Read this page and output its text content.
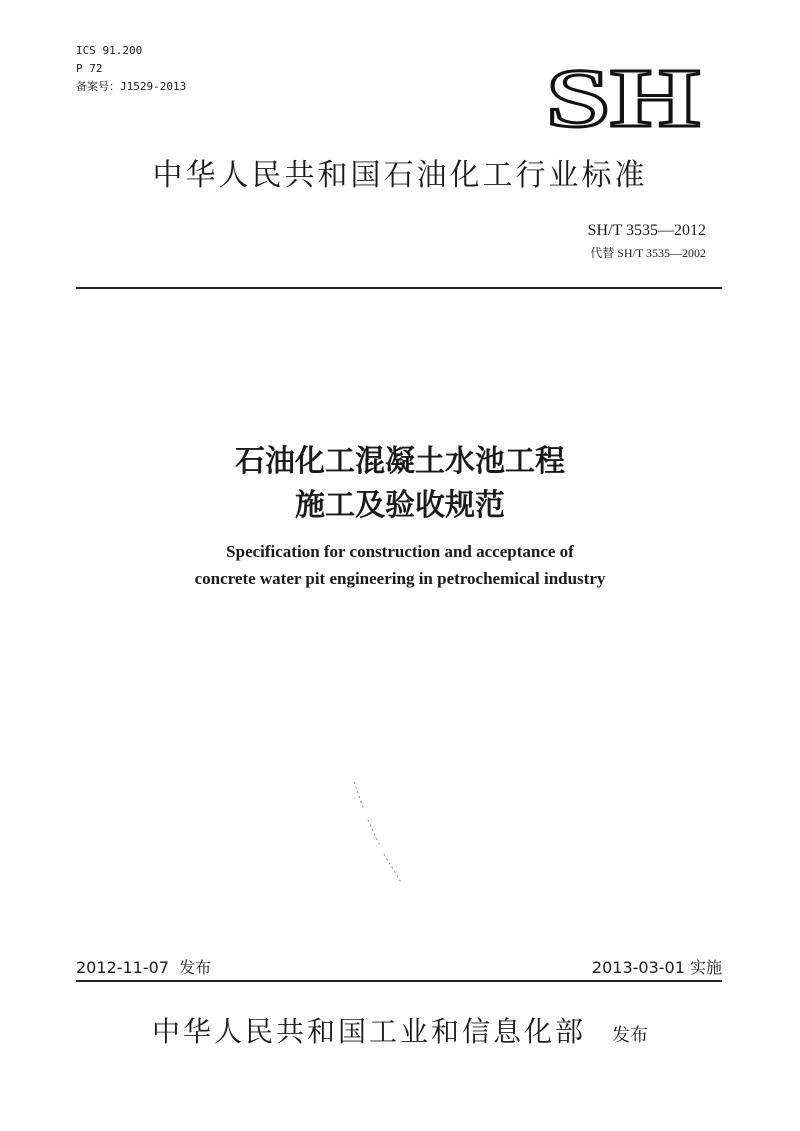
ICS 91.200
P 72
备案号：J1529-2013	SH
中华人民共和国石油化工行业标准
SH/T 3535—2012
代替 SH/T 3535—2002
石油化工混凝土水池工程
施工及验收规范
Specification for construction and acceptance of
concrete water pit engineering in petrochemical industry
2012-11-07  发布	2013-03-01 实施
中华人民共和国工业和信息化部 发布
